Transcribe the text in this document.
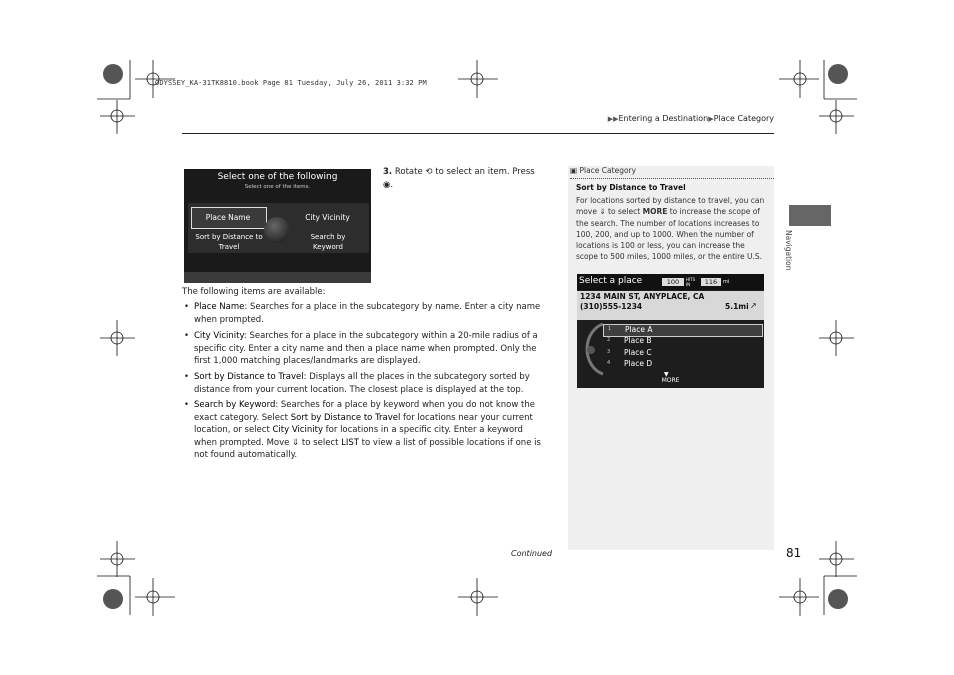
ODYSSEY_KA-31TK8810.book Page 81 Tuesday, July 26, 2011 3:32 PM
▶▶Entering a Destination▶Place Category
Navigation
Select one of the following
Select one of the items.
Place Name	City Vicinity
Sort by Distance to Travel
Search by Keyword
3. Rotate ⟲ to select an item. Press
◉.
The following items are available:
• Place Name: Searches for a place in the subcategory by name. Enter a city name when prompted.
• City Vicinity: Searches for a place in the subcategory within a 20-mile radius of a specific city. Enter a city name and then a place name when prompted. Only the first 1,000 matching places/landmarks are displayed.
• Sort by Distance to Travel: Displays all the places in the subcategory sorted by distance from your current location. The closest place is displayed at the top.
• Search by Keyword: Searches for a place by keyword when you do not know the exact category. Select Sort by Distance to Travel for locations near your current location, or select City Vicinity for locations in a specific city. Enter a keyword when prompted. Move ⇓ to select LIST to view a list of possible locations if one is not found automatically.
Continued	81
▣ Place Category
Sort by Distance to Travel
For locations sorted by distance to travel, you can move ⇓ to select MORE to increase the scope of the search. The number of locations increases to 100, 200, and up to 1000. When the number of locations is 100 or less, you can increase the scope to 500 miles, 1000 miles, or the entire U.S.
Select a place	100	HITS IN	116	mi
1234 MAIN ST, ANYPLACE, CA
(310)555-1234	5.1mi ↗
1 Place A
2 Place B
3 Place C
4 Place D
▼
MORE
